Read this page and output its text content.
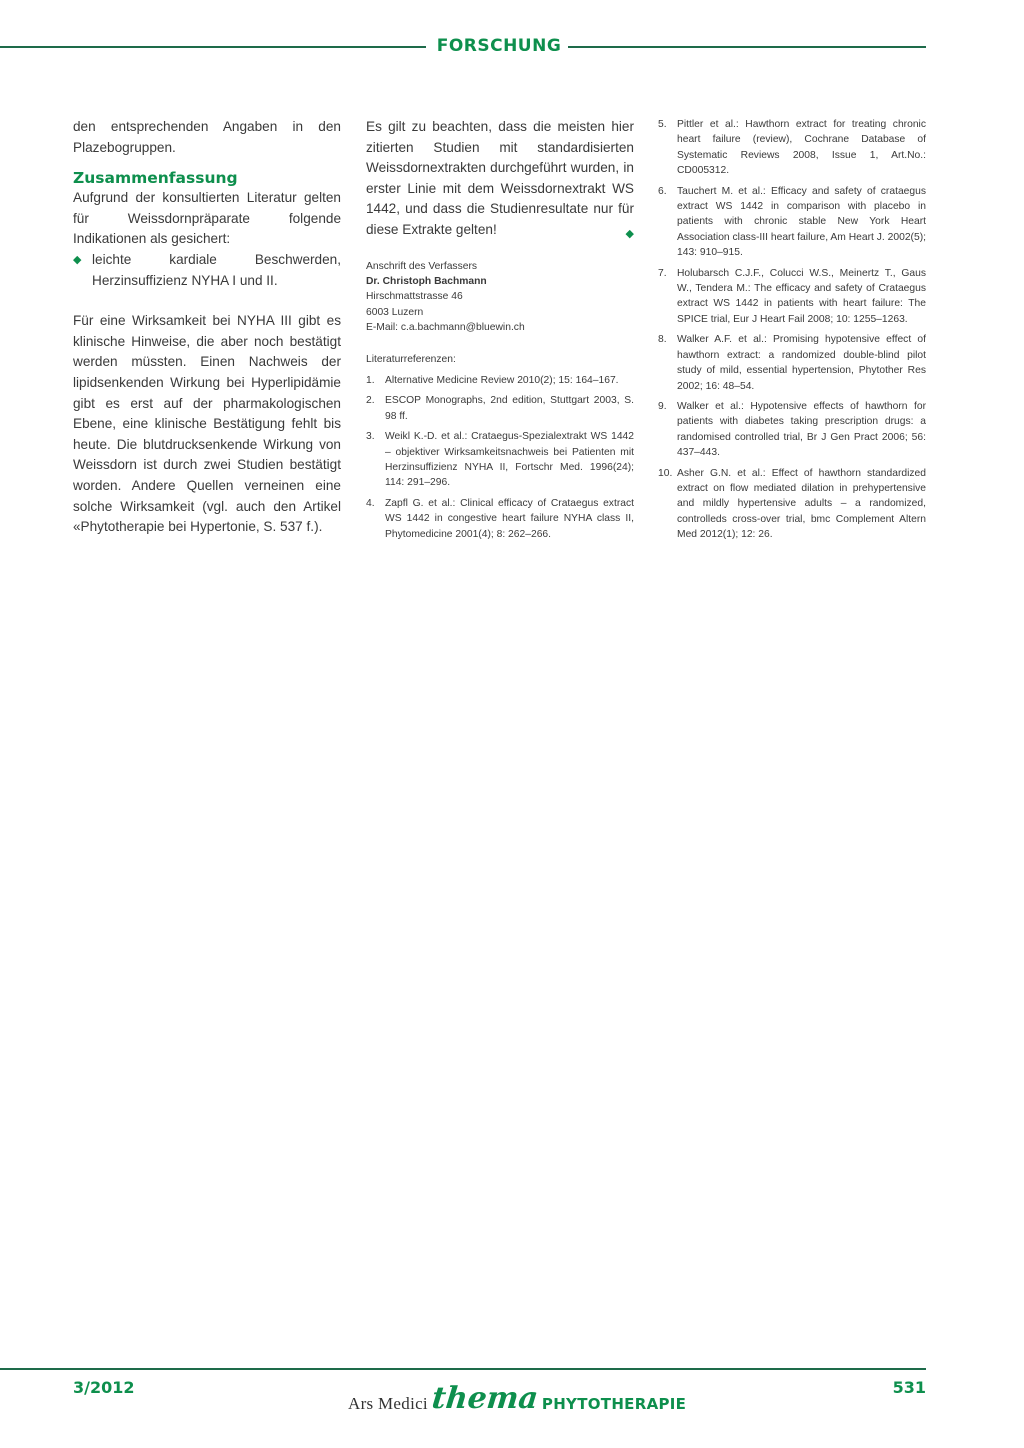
FORSCHUNG

den entsprechenden Angaben in den Plazebogruppen.

Zusammenfassung

Aufgrund der konsultierten Literatur gelten für Weissdornpräparate folgende Indikationen als gesichert:

◆ leichte kardiale Beschwerden, Herzinsuffizienz NYHA I und II.

Für eine Wirksamkeit bei NYHA III gibt es klinische Hinweise, die aber noch bestätigt werden müssten. Einen Nachweis der lipidsenkenden Wirkung bei Hyperlipidämie gibt es erst auf der pharmakologischen Ebene, eine klinische Bestätigung fehlt bis heute. Die blutdrucksenkende Wirkung von Weissdorn ist durch zwei Studien bestätigt worden. Andere Quellen verneinen eine solche Wirksamkeit (vgl. auch den Artikel «Phytotherapie bei Hypertonie, S. 537 f.).

Es gilt zu beachten, dass die meisten hier zitierten Studien mit standardisierten Weissdornextrakten durchgeführt wurden, in erster Linie mit dem Weissdornextrakt WS 1442, und dass die Studienresultate nur für diese Extrakte gelten!	◆

Anschrift des Verfassers
Dr. Christoph Bachmann
Hirschmattstrasse 46
6003 Luzern
E-Mail: c.a.bachmann@bluewin.ch
Literaturreferenzen:
1.	Alternative Medicine Review 2010(2); 15: 164–167.
2.	ESCOP Monographs, 2nd edition, Stuttgart 2003, S. 98 ff.
3.	Weikl K.-D. et al.: Crataegus-Spezialextrakt WS 1442 – objektiver Wirksamkeitsnachweis bei Patienten mit Herzinsuffizienz NYHA II, Fortschr Med. 1996(24); 114: 291–296.
4.	Zapfl G. et al.: Clinical efficacy of Crataegus extract WS 1442 in congestive heart failure NYHA class II, Phytomedicine 2001(4); 8: 262–266.
5.	Pittler et al.: Hawthorn extract for treating chronic heart failure (review), Cochrane Database of Systematic Reviews 2008, Issue 1, Art.No.: CD005312.
6.	Tauchert M. et al.: Efficacy and safety of crataegus extract WS 1442 in comparison with placebo in patients with chronic stable New York Heart Association class-III heart failure, Am Heart J. 2002(5); 143: 910–915.
7.	Holubarsch C.J.F., Colucci W.S., Meinertz T., Gaus W., Tendera M.: The efficacy and safety of Crataegus extract WS 1442 in patients with heart failure: The SPICE trial, Eur J Heart Fail 2008; 10: 1255–1263.
8.	Walker A.F. et al.: Promising hypotensive effect of hawthorn extract: a randomized double-blind pilot study of mild, essential hypertension, Phytother Res 2002; 16: 48–54.
9.	Walker et al.: Hypotensive effects of hawthorn for patients with diabetes taking prescription drugs: a randomised controlled trial, Br J Gen Pract 2006; 56: 437–443.
10. Asher G.N. et al.: Effect of hawthorn standardized extract on flow mediated dilation in prehypertensive and mildly hypertensive adults – a randomized, controlleds cross-over trial, bmc Complement Altern Med 2012(1); 12: 26.
3/2012
Ars Medici thema PHYTOTHERAPIE
531
